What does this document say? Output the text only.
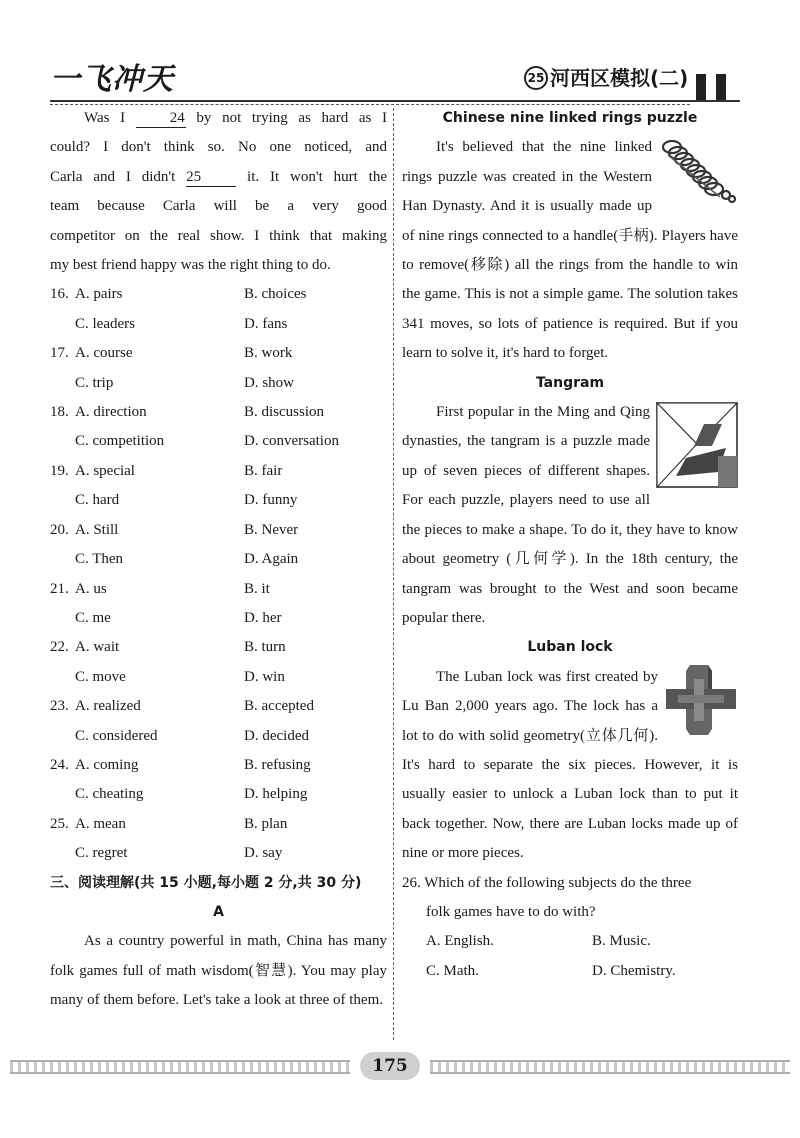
一飞冲天	25 河西区模拟(二)

Was I	24 by not trying as hard as I

could? I don't think so. No one noticed, and

Carla and I didn't 25	it. It won't hurt the

team because Carla will be a very good

competitor on the real show. I think that making

my best friend happy was the right thing to do.

16. A. pairs	B. choices
C. leaders	D. fans
17. A. course	B. work
C. trip	D. show
18. A. direction	B. discussion
C. competition	D. conversation
19. A. special	B. fair
C. hard	D. funny
20. A. Still	B. Never
C. Then	D. Again
21. A. us	B. it
C. me	D. her
22. A. wait	B. turn
C. move	D. win
23. A. realized	B. accepted
C. considered	D. decided
24. A. coming	B. refusing
C. cheating	D. helping
25. A. mean	B. plan
C. regret	D. say

三、阅读理解(共 15 小题,每小题 2 分,共 30 分)

A

As a country powerful in math, China has many folk games full of math wisdom(智慧). You may play many of them before. Let's take a look at three of them.

Chinese nine linked rings puzzle

It's believed that the nine linked rings puzzle was created in the Western Han Dynasty. And it is usually made up of nine rings connected to a handle(手柄). Players have to remove(移除) all the rings from the handle to win the game. This is not a simple game. The solution takes 341 moves, so lots of patience is required. But if you learn to solve it, it's hard to forget.

Tangram

First popular in the Ming and Qing dynasties, the tangram is a puzzle made up of seven pieces of different shapes. For each puzzle, players need to use all the pieces to make a shape. To do it, they have to know about geometry (几何学). In the 18th century, the tangram was brought to the West and soon became popular there.

Luban lock

The Luban lock was first created by Lu Ban 2,000 years ago. The lock has a lot to do with solid geometry(立体几何). It's hard to separate the six pieces. However, it is usually easier to unlock a Luban lock than to put it back together. Now, there are Luban locks made up of nine or more pieces.

26. Which of the following subjects do the three

folk games have to do with?

A. English.	B. Music.
C. Math.	D. Chemistry.
175
